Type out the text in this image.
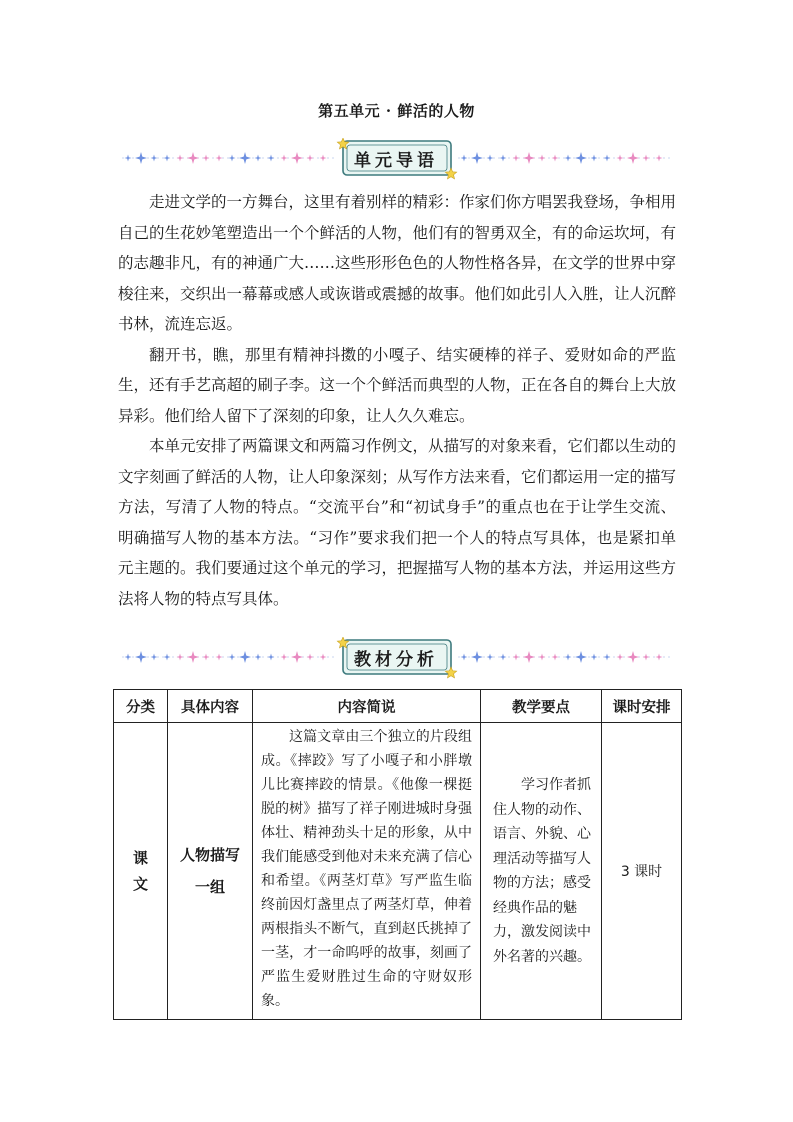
第五单元 · 鲜活的人物
单元导语

走进文学的一方舞台，这里有着别样的精彩：作家们你方唱罢我登场，争相用自己的生花妙笔塑造出一个个鲜活的人物，他们有的智勇双全，有的命运坎坷，有的志趣非凡，有的神通广大……这些形形色色的人物性格各异，在文学的世界中穿梭往来，交织出一幕幕或感人或诙谐或震撼的故事。他们如此引人入胜，让人沉醉书林，流连忘返。

翻开书，瞧，那里有精神抖擞的小嘎子、结实硬棒的祥子、爱财如命的严监生，还有手艺高超的刷子李。这一个个鲜活而典型的人物，正在各自的舞台上大放异彩。他们给人留下了深刻的印象，让人久久难忘。

本单元安排了两篇课文和两篇习作例文，从描写的对象来看，它们都以生动的文字刻画了鲜活的人物，让人印象深刻；从写作方法来看，它们都运用一定的描写方法，写清了人物的特点。“交流平台”和“初试身手”的重点也在于让学生交流、明确描写人物的基本方法。“习作”要求我们把一个人的特点写具体，也是紧扣单元主题的。我们要通过这个单元的学习，把握描写人物的基本方法，并运用这些方法将人物的特点写具体。

教材分析
分类	具体内容	内容简说	教学要点	课时安排

课文	人物描写一组	这篇文章由三个独立的片段组成。《摔跤》写了小嘎子和小胖墩儿比赛摔跤的情景。《他像一棵挺脱的树》描写了祥子刚进城时身强体壮、精神劲头十足的形象，从中我们能感受到他对未来充满了信心和希望。《两茎灯草》写严监生临终前因灯盏里点了两茎灯草，伸着两根指头不断气，直到赵氏挑掉了一茎，才一命呜呼的故事，刻画了严监生爱财胜过生命的守财奴形象。	学习作者抓住人物的动作、语言、外貌、心理活动等描写人物的方法；感受经典作品的魅力，激发阅读中外名著的兴趣。	3 课时
